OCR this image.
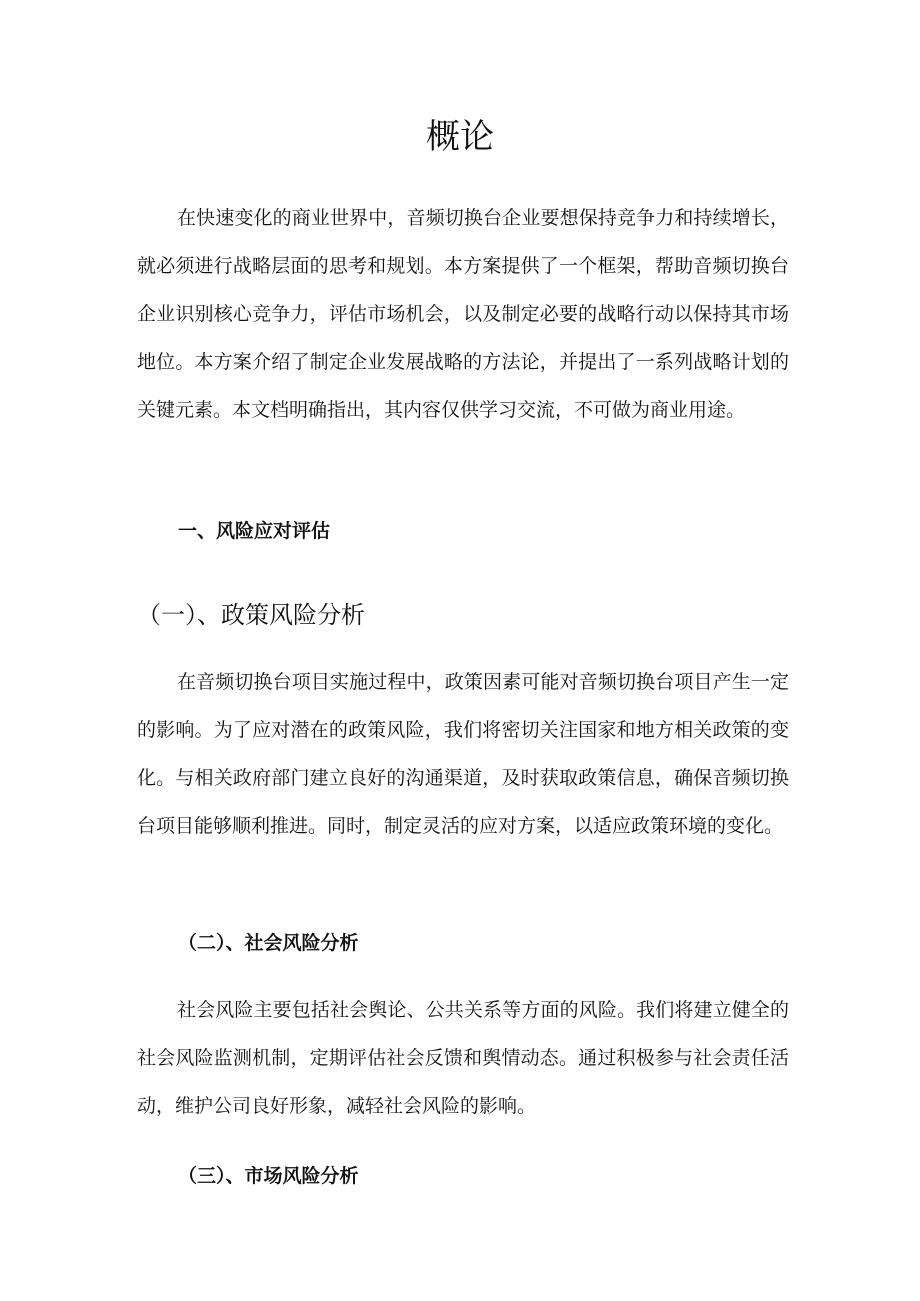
概论

在快速变化的商业世界中，音频切换台企业要想保持竞争力和持续增长，就必须进行战略层面的思考和规划。本方案提供了一个框架，帮助音频切换台企业识别核心竞争力，评估市场机会，以及制定必要的战略行动以保持其市场地位。本方案介绍了制定企业发展战略的方法论，并提出了一系列战略计划的关键元素。本文档明确指出，其内容仅供学习交流，不可做为商业用途。

一、风险应对评估
（一）、政策风险分析

在音频切换台项目实施过程中，政策因素可能对音频切换台项目产生一定的影响。为了应对潜在的政策风险，我们将密切关注国家和地方相关政策的变化。与相关政府部门建立良好的沟通渠道，及时获取政策信息，确保音频切换台项目能够顺利推进。同时，制定灵活的应对方案，以适应政策环境的变化。

（二）、社会风险分析

社会风险主要包括社会舆论、公共关系等方面的风险。我们将建立健全的社会风险监测机制，定期评估社会反馈和舆情动态。通过积极参与社会责任活动，维护公司良好形象，减轻社会风险的影响。

（三）、市场风险分析
